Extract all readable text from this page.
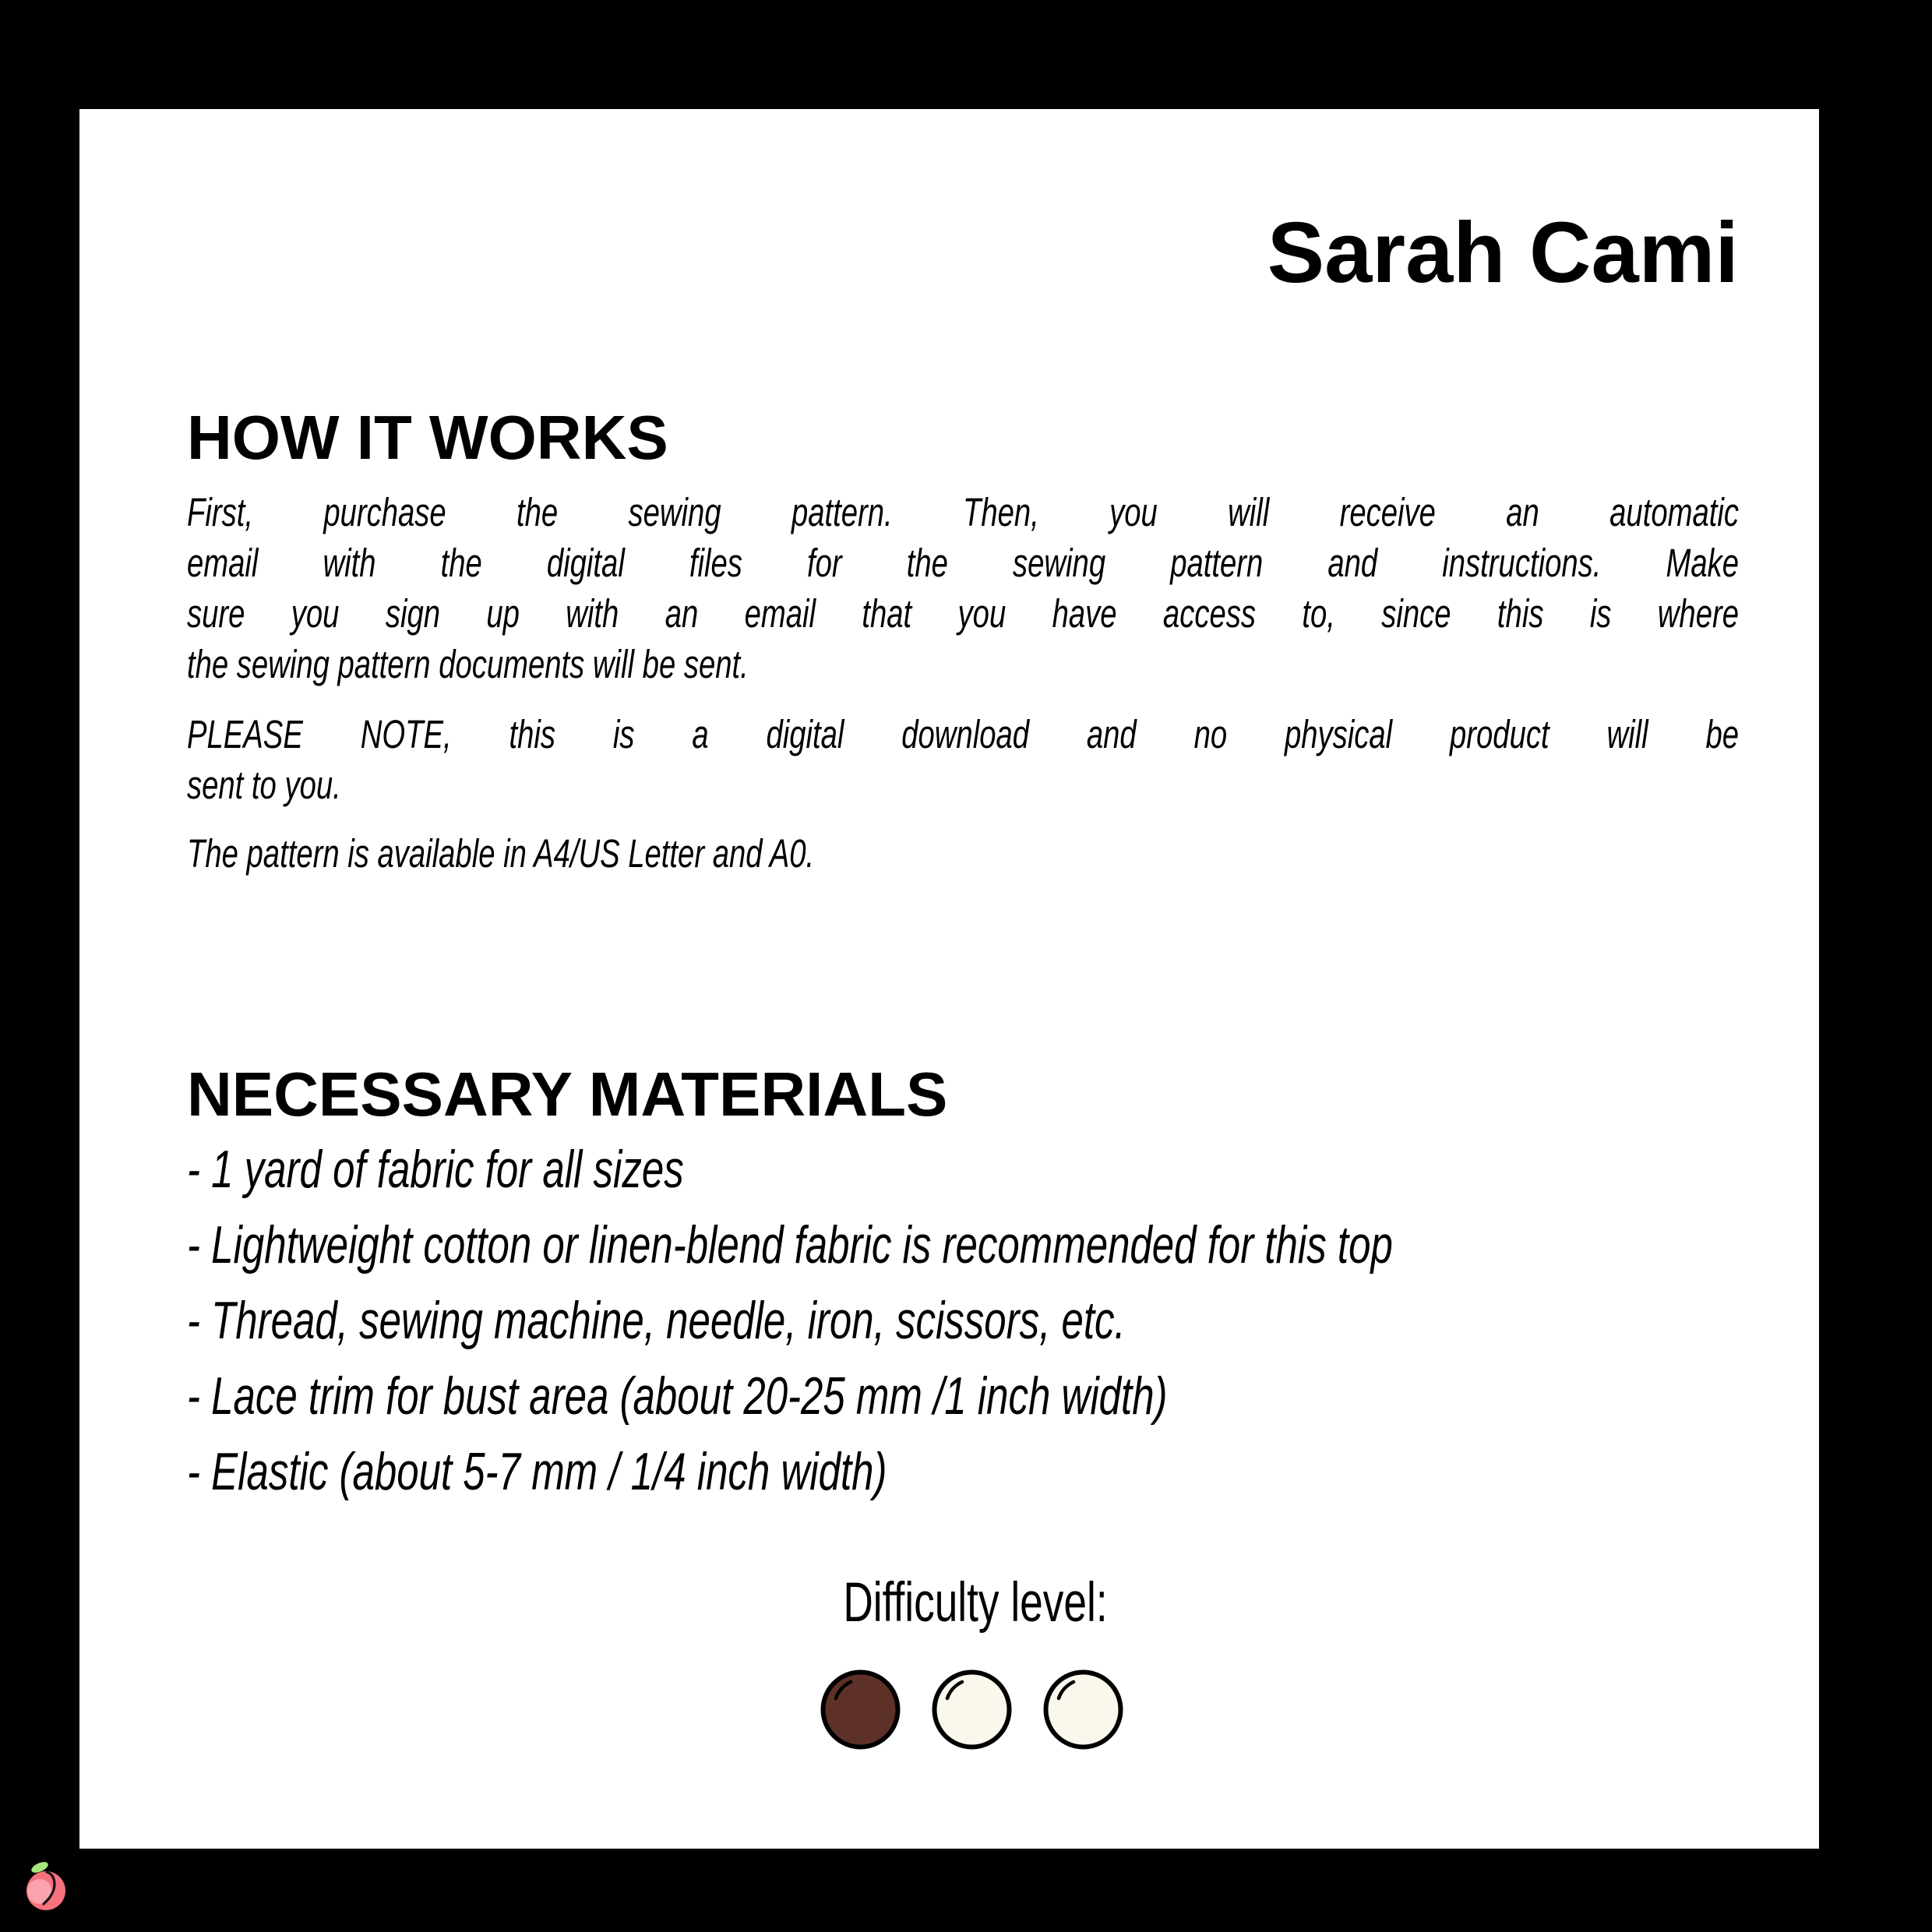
Sarah Cami
HOW IT WORKS
First, purchase the sewing pattern. Then, you will receive an automatic
email with the digital files for the sewing pattern and instructions. Make
sure you sign up with an email that you have access to, since this is where
the sewing pattern documents will be sent.
PLEASE NOTE, this is a digital download and no physical product will be
sent to you.
The pattern is available in A4/US Letter and A0.
NECESSARY MATERIALS
- 1 yard of fabric for all sizes
- Lightweight cotton or linen-blend fabric is recommended for this top
- Thread, sewing machine, needle, iron, scissors, etc.
- Lace trim for bust area (about 20-25 mm /1 inch width)
- Elastic (about 5-7 mm / 1/4 inch width)
Difficulty level:
